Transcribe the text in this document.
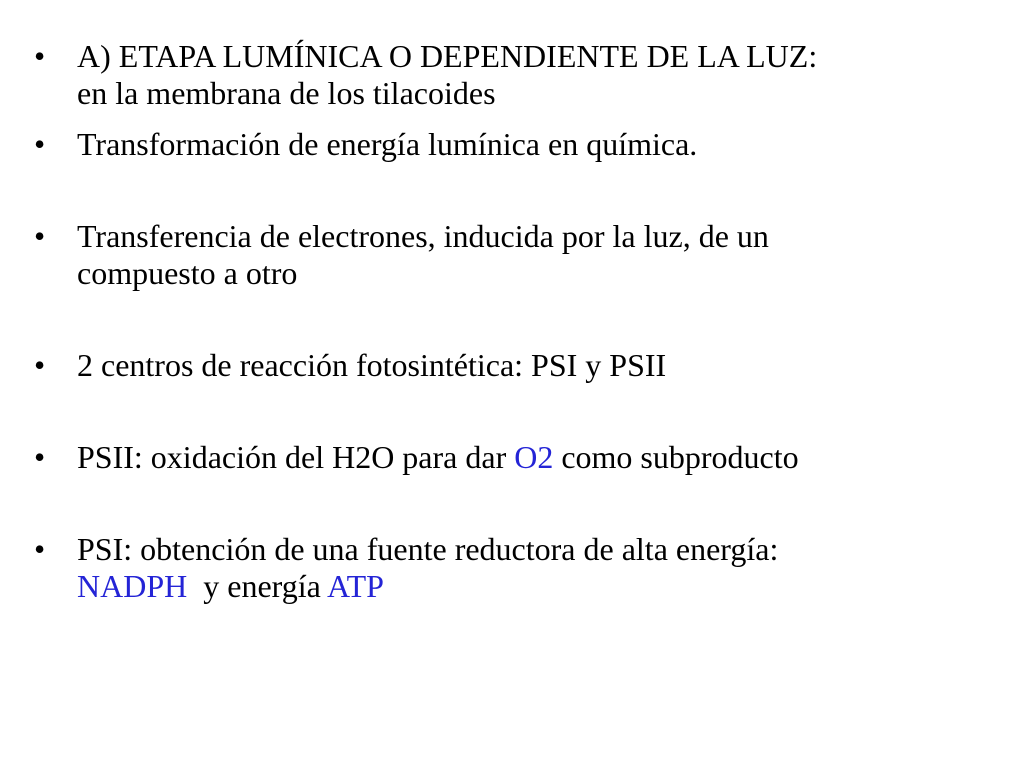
• A) ETAPA LUMÍNICA O DEPENDIENTE DE LA LUZ:
en la membrana de los tilacoides
• Transformación de energía lumínica en química.
• Transferencia de electrones, inducida por la luz, de un
compuesto a otro
• 2 centros de reacción fotosintética: PSI y PSII
• PSII: oxidación del H2O para dar O2 como subproducto
• PSI: obtención de una fuente reductora de alta energía:
NADPH  y energía ATP
